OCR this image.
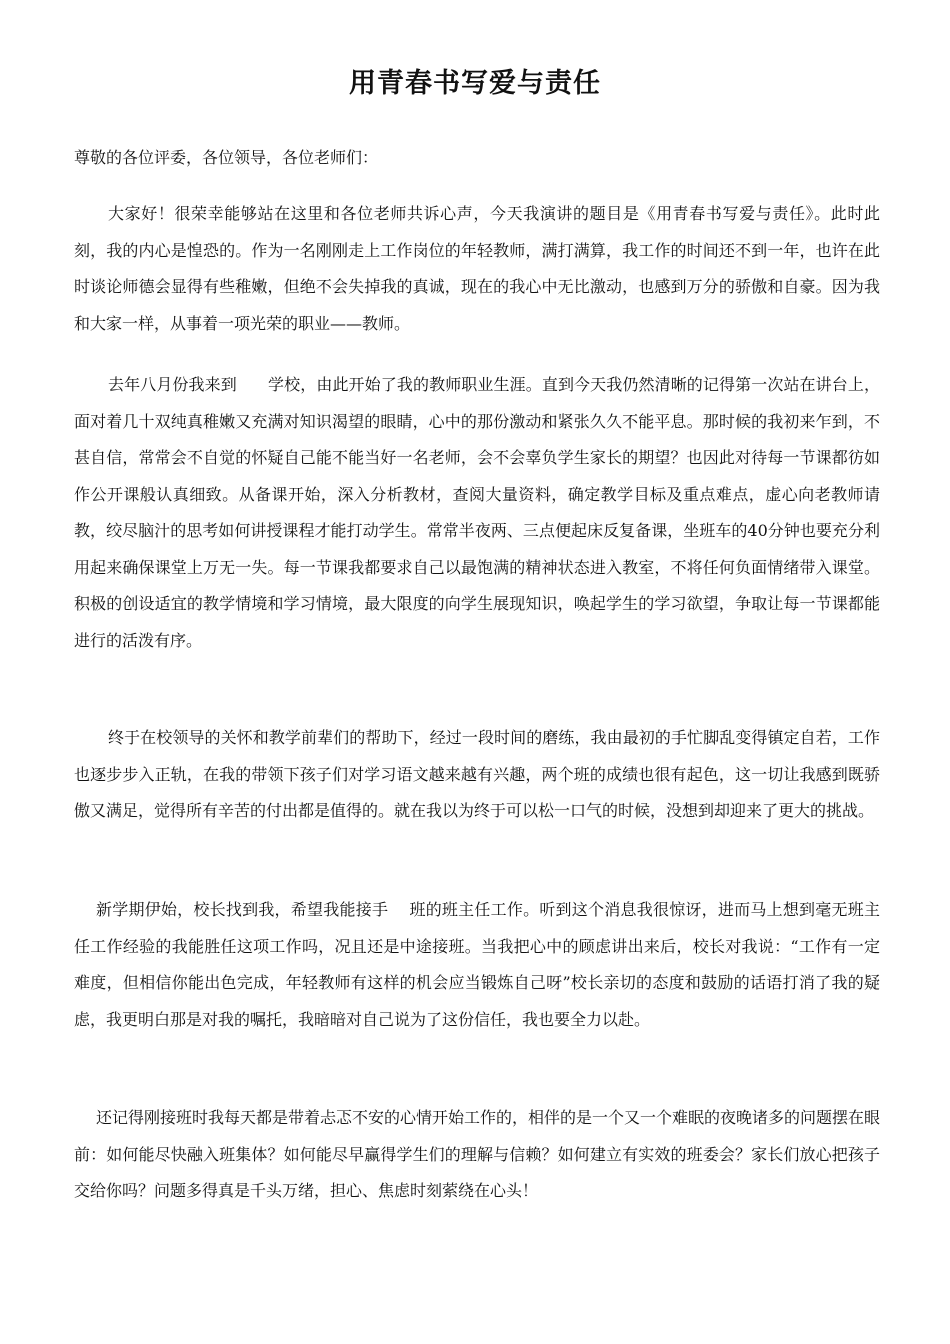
用青春书写爱与责任

尊敬的各位评委，各位领导，各位老师们：

大家好！很荣幸能够站在这里和各位老师共诉心声，今天我演讲的题目是《用青春书写爱与责任》。此时此刻，我的内心是惶恐的。作为一名刚刚走上工作岗位的年轻教师，满打满算，我工作的时间还不到一年，也许在此时谈论师德会显得有些稚嫩，但绝不会失掉我的真诚，现在的我心中无比激动，也感到万分的骄傲和自豪。因为我和大家一样，从事着一项光荣的职业——教师。

去年八月份我来到      学校，由此开始了我的教师职业生涯。直到今天我仍然清晰的记得第一次站在讲台上，面对着几十双纯真稚嫩又充满对知识渴望的眼睛，心中的那份激动和紧张久久不能平息。那时候的我初来乍到，不甚自信，常常会不自觉的怀疑自己能不能当好一名老师，会不会辜负学生家长的期望？也因此对待每一节课都彷如作公开课般认真细致。从备课开始，深入分析教材，查阅大量资料，确定教学目标及重点难点，虚心向老教师请教，绞尽脑汁的思考如何讲授课程才能打动学生。常常半夜两、三点便起床反复备课，坐班车的40分钟也要充分利用起来确保课堂上万无一失。每一节课我都要求自己以最饱满的精神状态进入教室，不将任何负面情绪带入课堂。积极的创设适宜的教学情境和学习情境，最大限度的向学生展现知识，唤起学生的学习欲望，争取让每一节课都能进行的活泼有序。

终于在校领导的关怀和教学前辈们的帮助下，经过一段时间的磨练，我由最初的手忙脚乱变得镇定自若，工作也逐步步入正轨，在我的带领下孩子们对学习语文越来越有兴趣，两个班的成绩也很有起色，这一切让我感到既骄傲又满足，觉得所有辛苦的付出都是值得的。就在我以为终于可以松一口气的时候，没想到却迎来了更大的挑战。

新学期伊始，校长找到我，希望我能接手    班的班主任工作。听到这个消息我很惊讶，进而马上想到毫无班主任工作经验的我能胜任这项工作吗，况且还是中途接班。当我把心中的顾虑讲出来后，校长对我说：“工作有一定难度，但相信你能出色完成，年轻教师有这样的机会应当锻炼自己呀”校长亲切的态度和鼓励的话语打消了我的疑虑，我更明白那是对我的嘱托，我暗暗对自己说为了这份信任，我也要全力以赴。

还记得刚接班时我每天都是带着忐忑不安的心情开始工作的，相伴的是一个又一个难眠的夜晚诸多的问题摆在眼前：如何能尽快融入班集体？如何能尽早赢得学生们的理解与信赖？如何建立有实效的班委会？家长们放心把孩子交给你吗？问题多得真是千头万绪，担心、焦虑时刻萦绕在心头！
